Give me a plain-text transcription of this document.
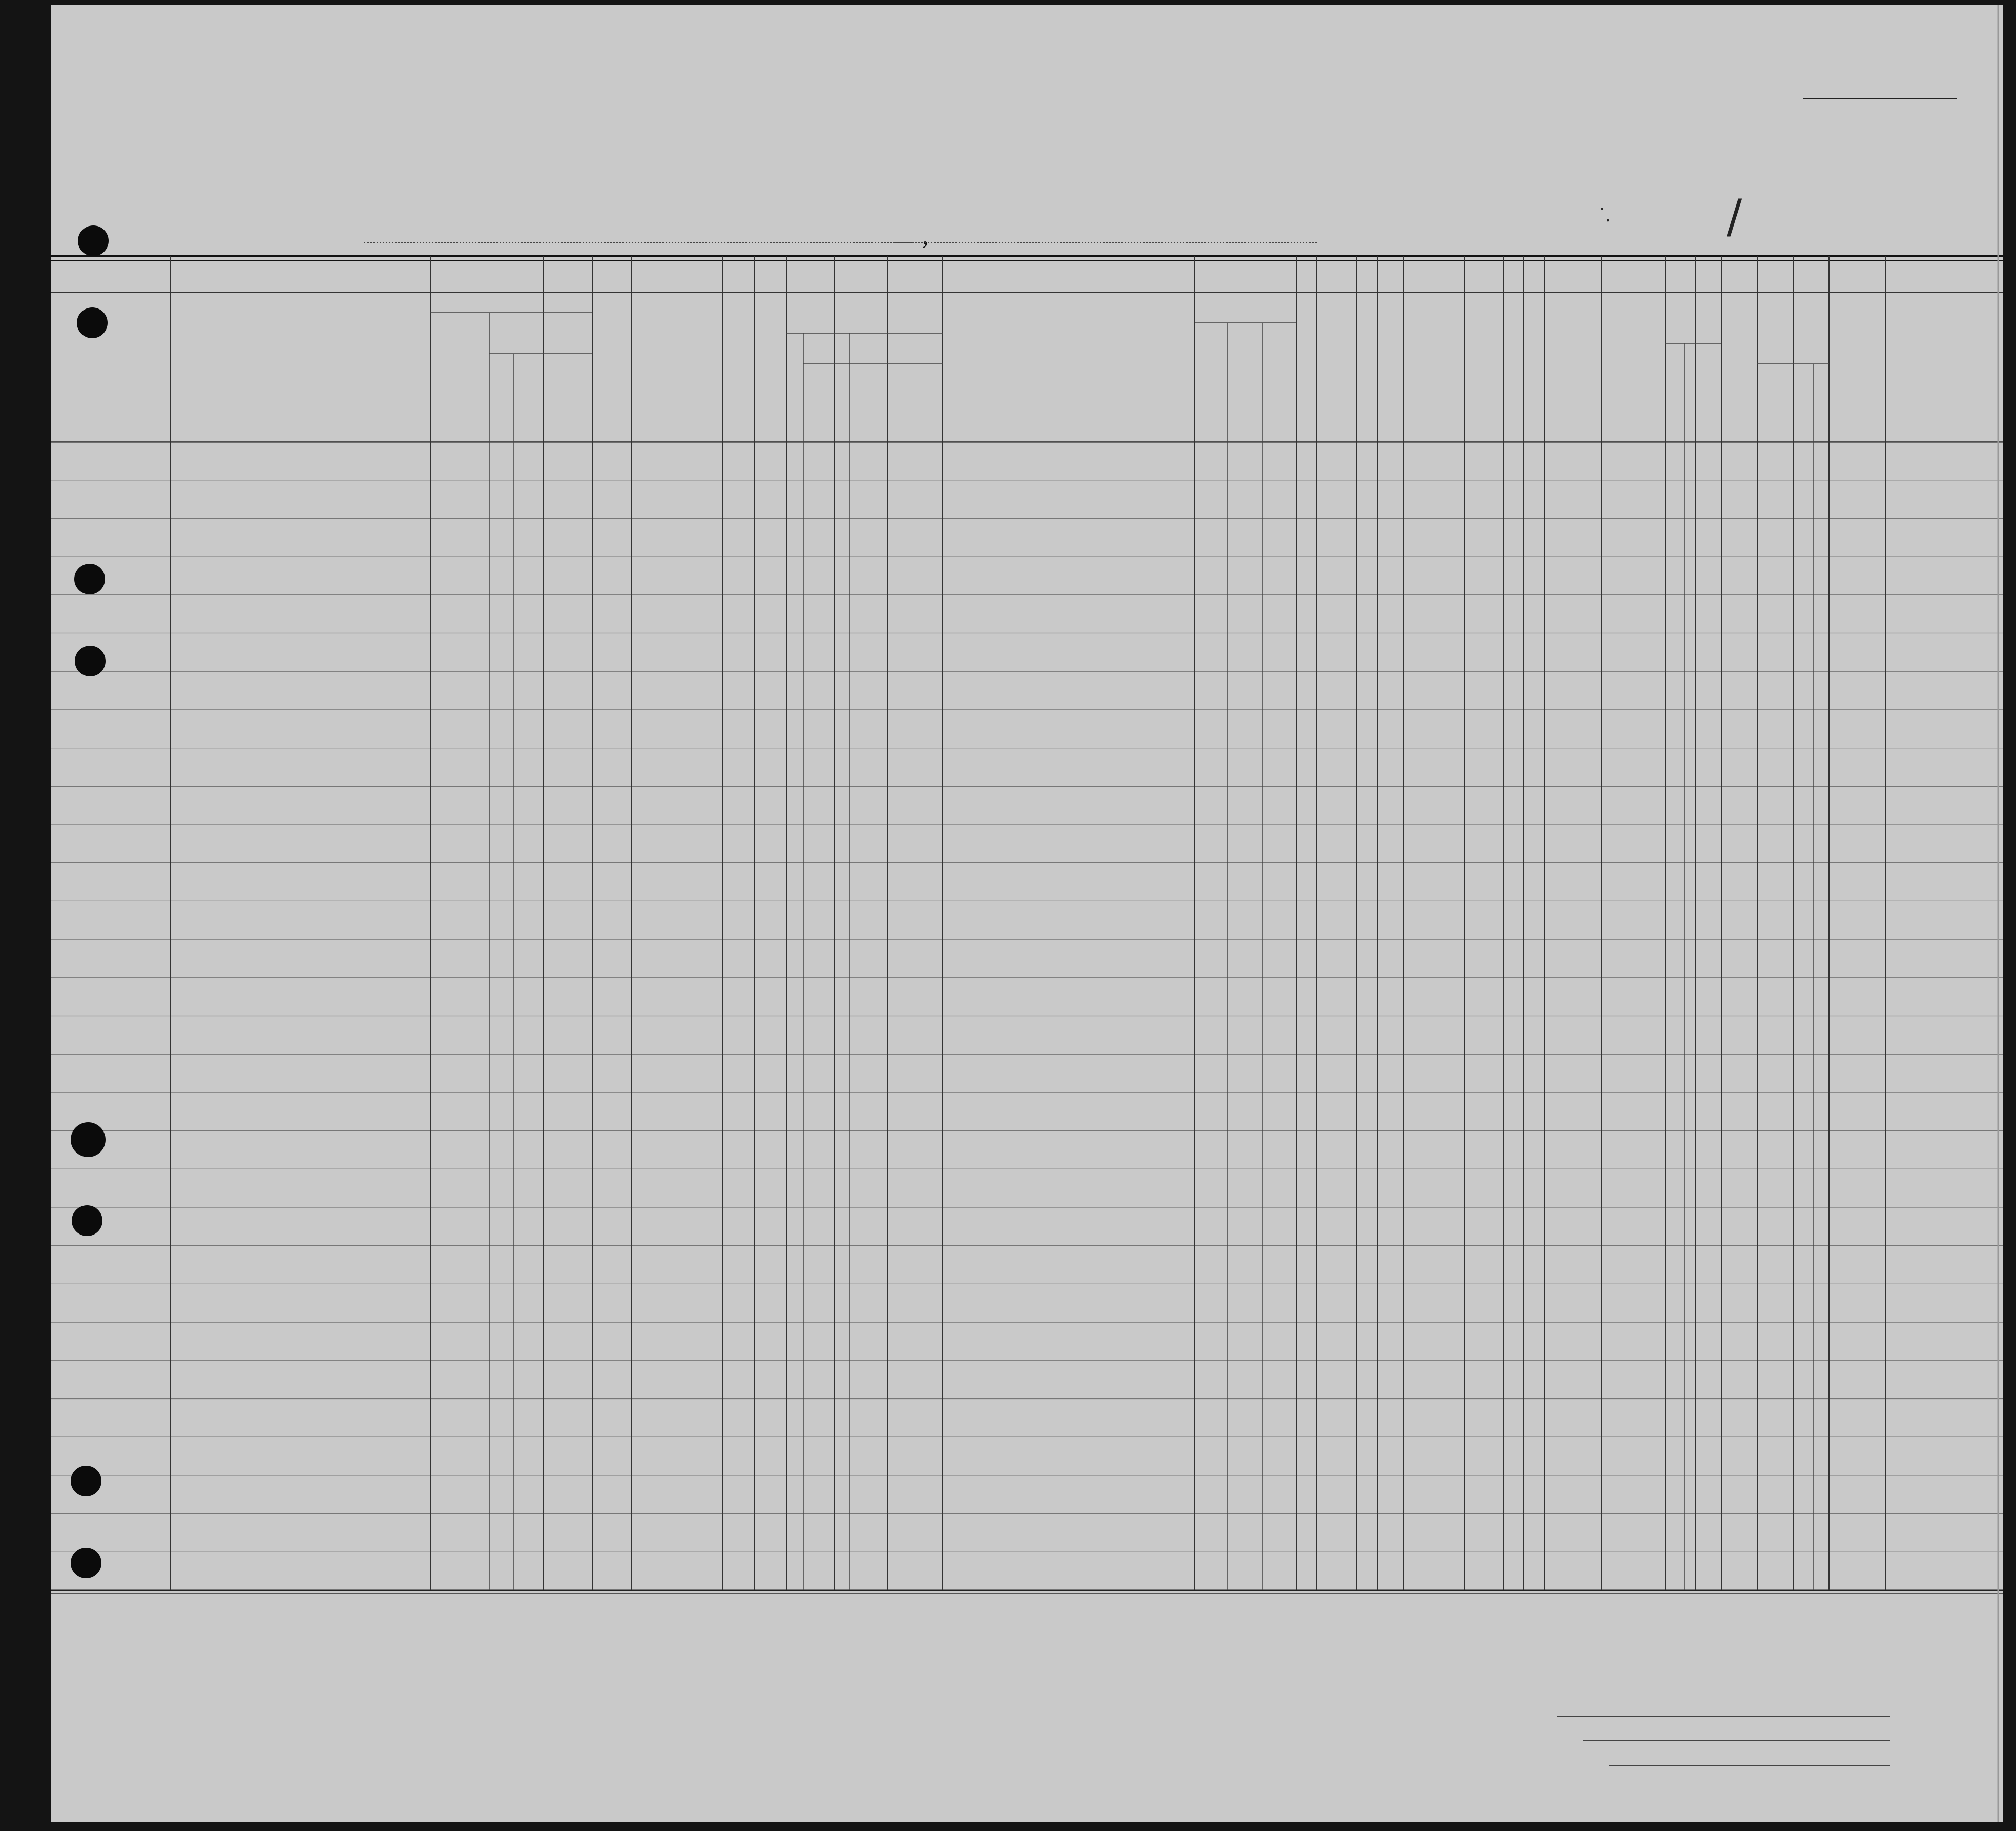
,
˙.	/
